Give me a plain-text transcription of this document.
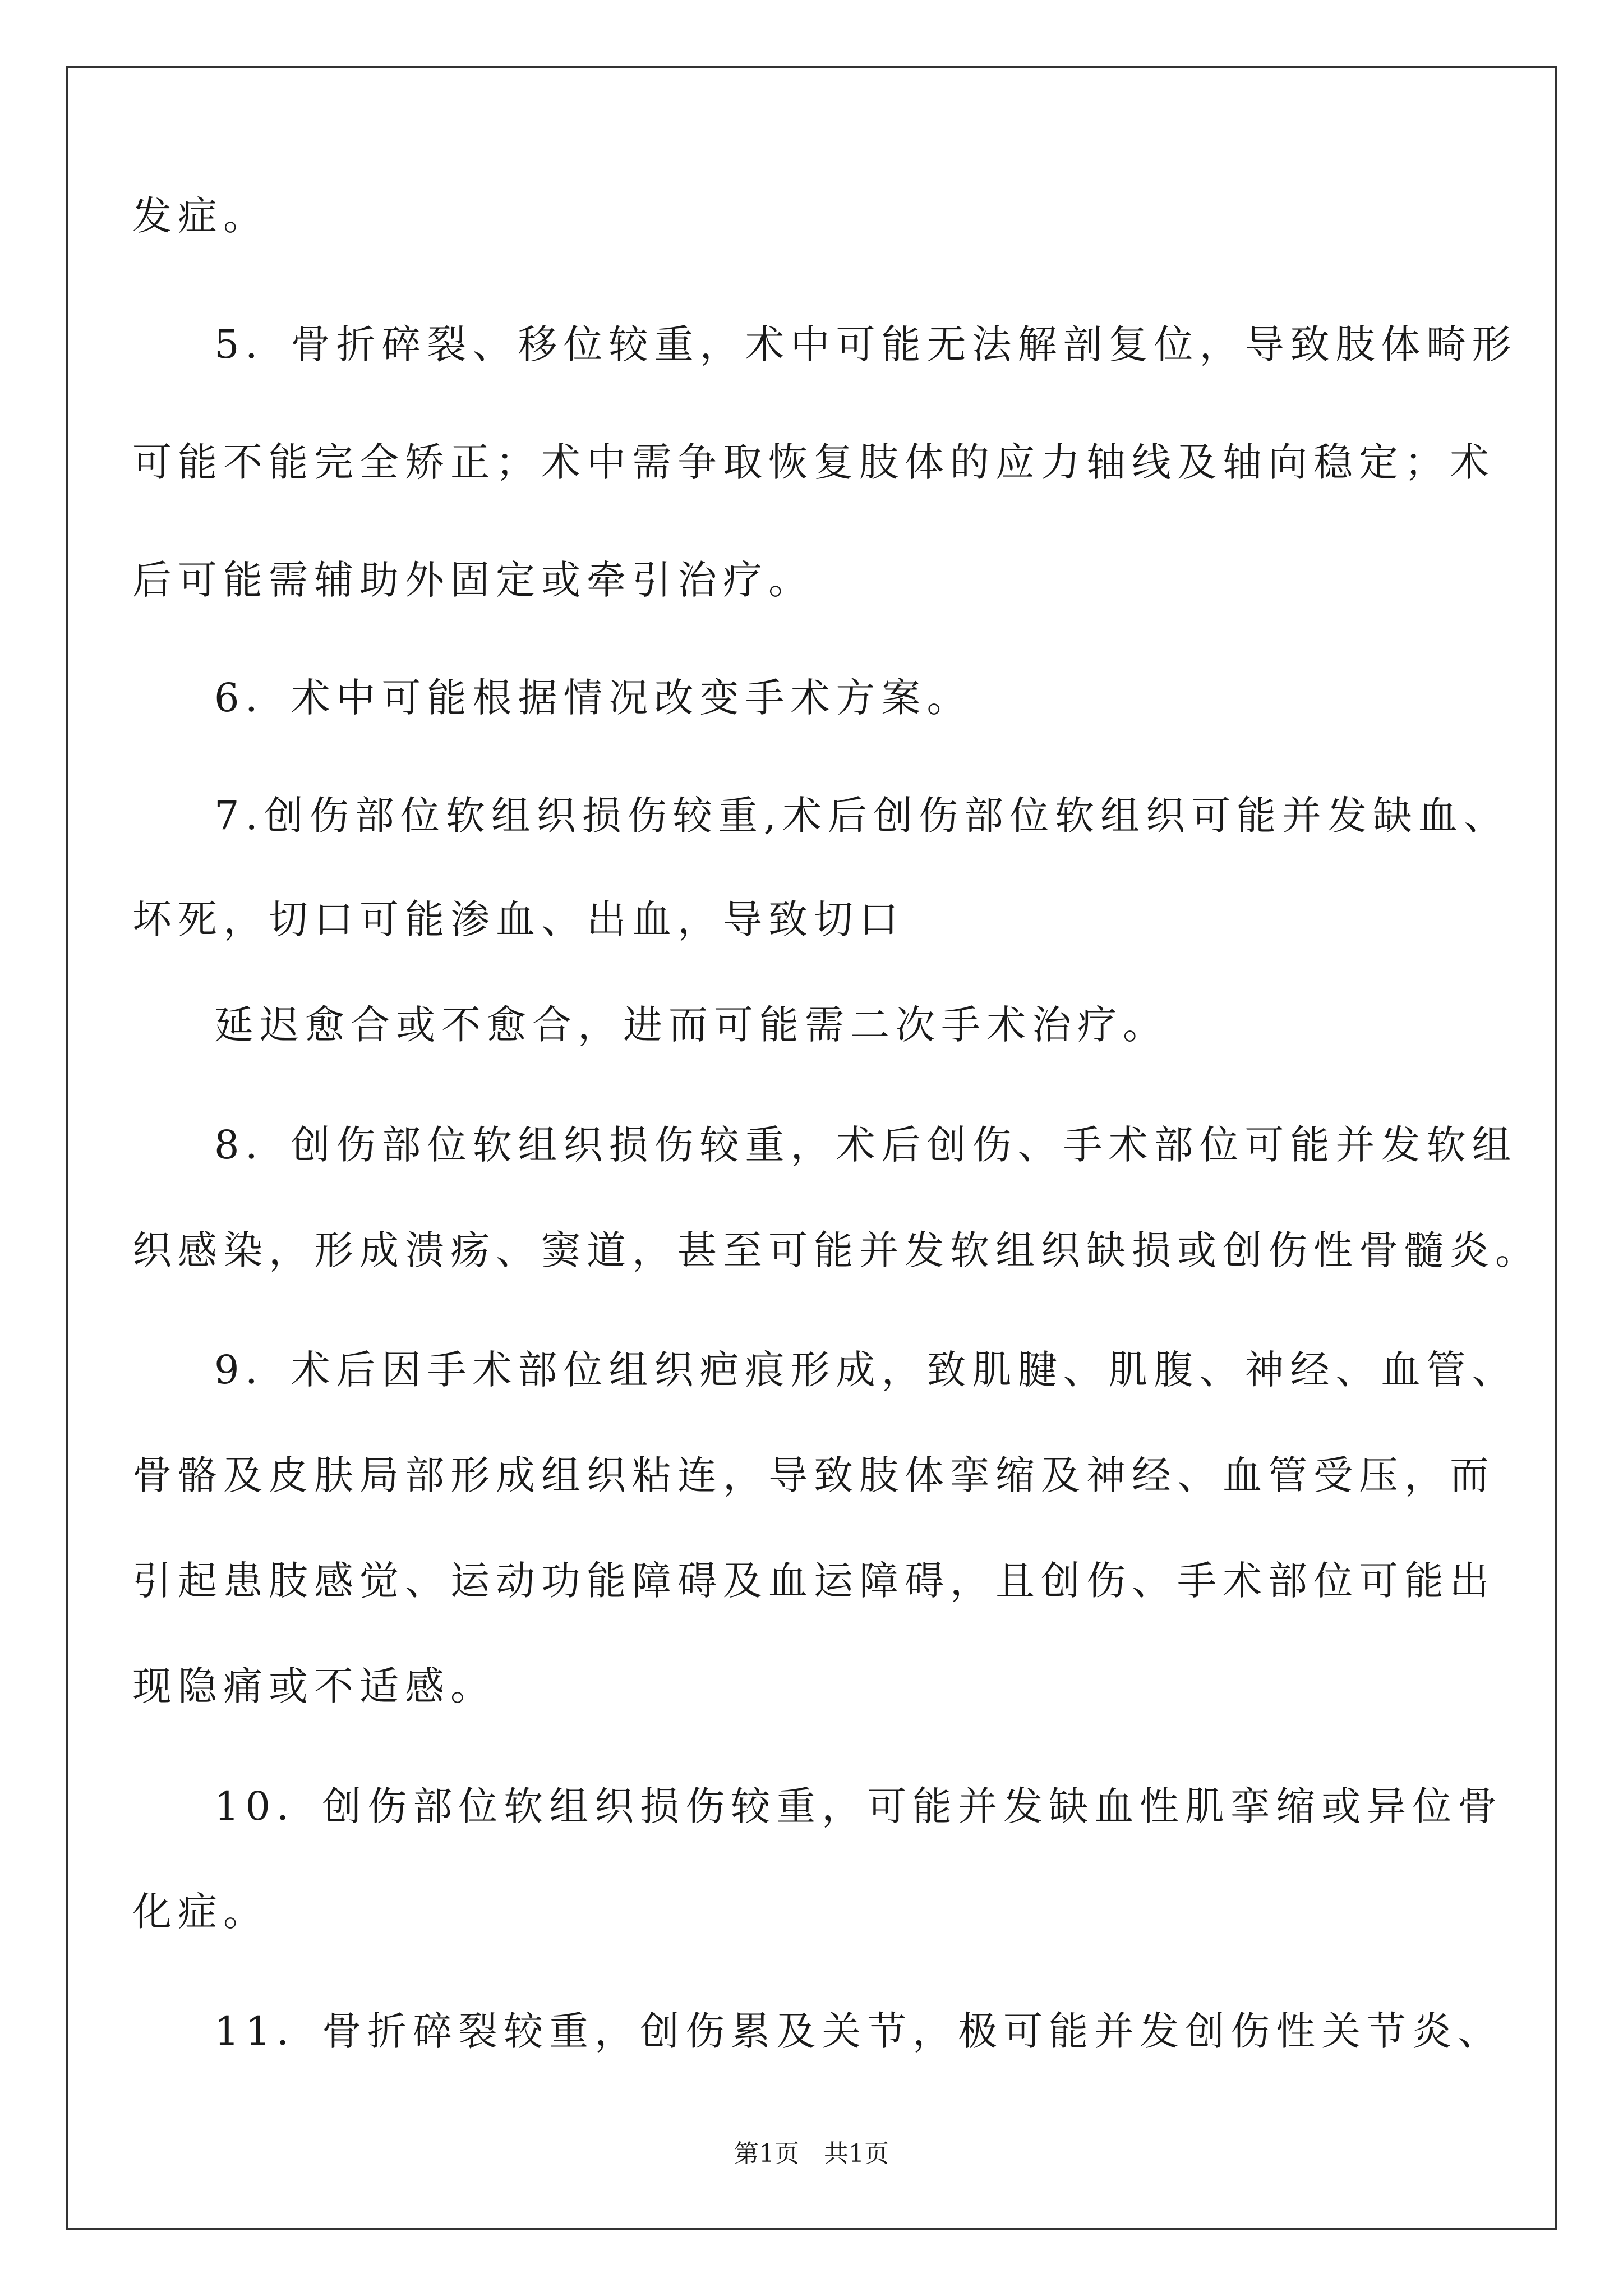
发症。
5．骨折碎裂、移位较重，术中可能无法解剖复位，导致肢体畸形
可能不能完全矫正；术中需争取恢复肢体的应力轴线及轴向稳定；术
后可能需辅助外固定或牵引治疗。
6．术中可能根据情况改变手术方案。
7.创伤部位软组织损伤较重,术后创伤部位软组织可能并发缺血、
坏死，切口可能渗血、出血，导致切口
延迟愈合或不愈合，进而可能需二次手术治疗。
8．创伤部位软组织损伤较重，术后创伤、手术部位可能并发软组
织感染，形成溃疡、窦道，甚至可能并发软组织缺损或创伤性骨髓炎。
9．术后因手术部位组织疤痕形成，致肌腱、肌腹、神经、血管、
骨骼及皮肤局部形成组织粘连，导致肢体挛缩及神经、血管受压，而
引起患肢感觉、运动功能障碍及血运障碍，且创伤、手术部位可能出
现隐痛或不适感。
10．创伤部位软组织损伤较重，可能并发缺血性肌挛缩或异位骨
化症。
11．骨折碎裂较重，创伤累及关节，极可能并发创伤性关节炎、
第1页　共1页
